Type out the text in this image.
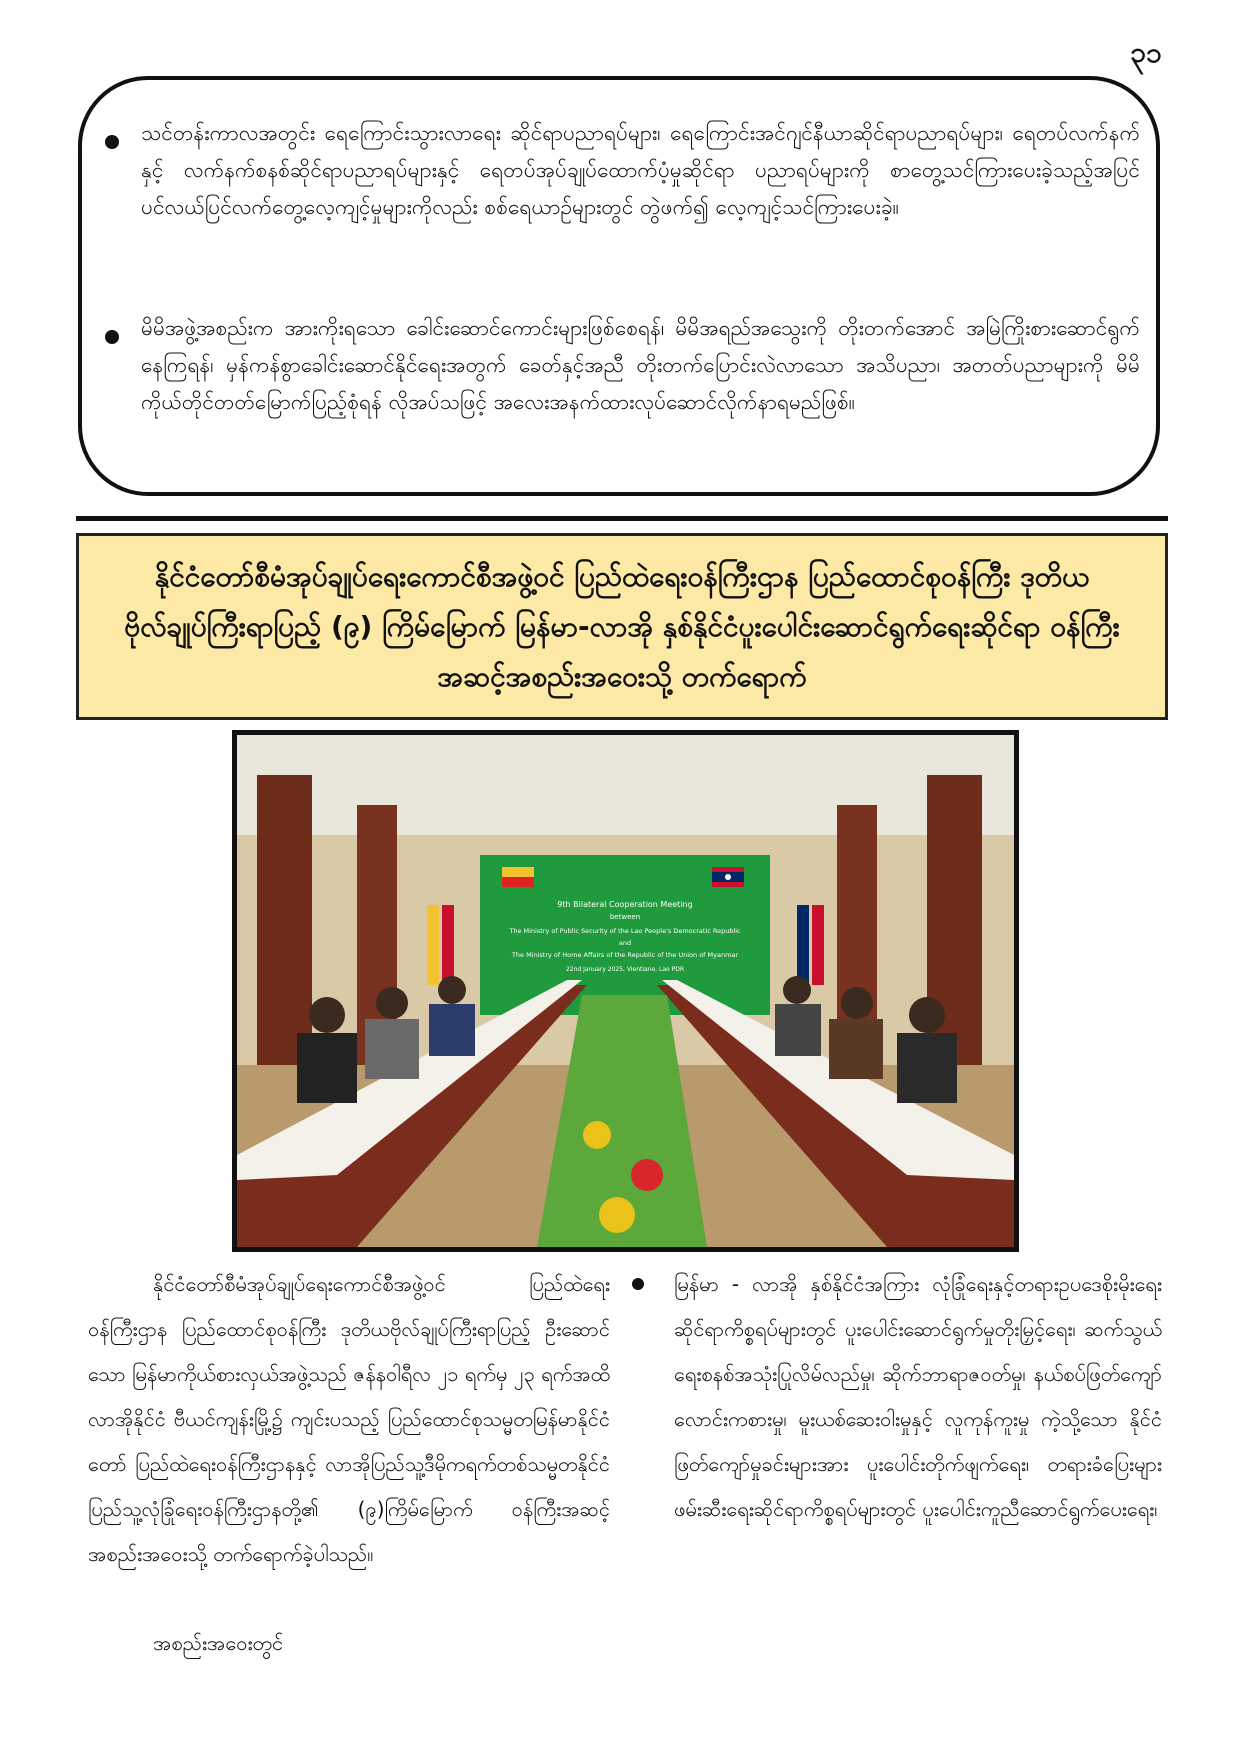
၃၁
သင်တန်းကာလအတွင်း ရေကြောင်းသွားလာရေး ဆိုင်ရာပညာရပ်များ၊ ရေကြောင်းအင်ဂျင်နီယာဆိုင်ရာပညာရပ်များ၊ ရေတပ်လက်နက်နှင့် လက်နက်စနစ်ဆိုင်ရာပညာရပ်များနှင့် ရေတပ်အုပ်ချုပ်ထောက်ပံ့မှုဆိုင်ရာ ပညာရပ်များကို စာတွေ့သင်ကြားပေးခဲ့သည့်အပြင် ပင်လယ်ပြင်လက်တွေ့လေ့ကျင့်မှုများကိုလည်း စစ်ရေယာဉ်များတွင် တွဲဖက်၍ လေ့ကျင့်သင်ကြားပေးခဲ့။
မိမိအဖွဲ့အစည်းက အားကိုးရသော ခေါင်းဆောင်ကောင်းများဖြစ်စေရန်၊ မိမိအရည်အသွေးကို တိုးတက်အောင် အမြဲကြိုးစားဆောင်ရွက်နေကြရန်၊ မှန်ကန်စွာခေါင်းဆောင်နိုင်ရေးအတွက် ခေတ်နှင့်အညီ တိုးတက်ပြောင်းလဲလာသော အသိပညာ၊ အတတ်ပညာများကို မိမိကိုယ်တိုင်တတ်မြောက်ပြည့်စုံရန် လိုအပ်သဖြင့် အလေးအနက်ထားလုပ်ဆောင်လိုက်နာရမည်ဖြစ်။
နိုင်ငံတော်စီမံအုပ်ချုပ်ရေးကောင်စီအဖွဲ့ဝင် ပြည်ထဲရေးဝန်ကြီးဌာန ပြည်ထောင်စုဝန်ကြီး ဒုတိယဗိုလ်ချုပ်ကြီးရာပြည့် (၉) ကြိမ်မြောက် မြန်မာ-လာအို နှစ်နိုင်ငံပူးပေါင်းဆောင်ရွက်ရေးဆိုင်ရာ ဝန်ကြီးအဆင့်အစည်းအဝေးသို့ တက်ရောက်
9th Bilateral Cooperation Meeting
between
The Ministry of Public Security of the Lao People's Democratic Republic
and
The Ministry of Home Affairs of the Republic of the Union of Myanmar
22nd January 2025, Vientiane, Lao PDR
နိုင်ငံတော်စီမံအုပ်ချုပ်ရေးကောင်စီအဖွဲ့ဝင် ပြည်ထဲရေးဝန်ကြီးဌာန ပြည်ထောင်စုဝန်ကြီး ဒုတိယဗိုလ်ချုပ်ကြီးရာပြည့် ဦးဆောင်သော မြန်မာကိုယ်စားလှယ်အဖွဲ့သည် ဇန်နဝါရီလ ၂၁ ရက်မှ ၂၃ ရက်အထိ လာအိုနိုင်ငံ ဗီယင်ကျန်းမြို့၌ ကျင်းပသည့် ပြည်ထောင်စုသမ္မတမြန်မာနိုင်ငံတော် ပြည်ထဲရေးဝန်ကြီးဌာနနှင့် လာအိုပြည်သူ့ဒီမိုကရက်တစ်သမ္မတနိုင်ငံ ပြည်သူ့လုံခြုံရေးဝန်ကြီးဌာနတို့၏ (၉)ကြိမ်မြောက် ဝန်ကြီးအဆင့်အစည်းအဝေးသို့ တက်ရောက်ခဲ့ပါသည်။
အစည်းအဝေးတွင်
မြန်မာ - လာအို နှစ်နိုင်ငံအကြား လုံခြုံရေးနှင့်တရားဥပဒေစိုးမိုးရေးဆိုင်ရာကိစ္စရပ်များတွင် ပူးပေါင်းဆောင်ရွက်မှုတိုးမြှင့်ရေး၊ ဆက်သွယ်ရေးစနစ်အသုံးပြုလိမ်လည်မှု၊ ဆိုက်ဘာရာဇဝတ်မှု၊ နယ်စပ်ဖြတ်ကျော်လောင်းကစားမှု၊ မူးယစ်ဆေးဝါးမှုနှင့် လူကုန်ကူးမှု ကဲ့သို့သော နိုင်ငံဖြတ်ကျော်မှုခင်းများအား ပူးပေါင်းတိုက်ဖျက်ရေး၊ တရားခံပြေးများဖမ်းဆီးရေးဆိုင်ရာကိစ္စရပ်များတွင် ပူးပေါင်းကူညီဆောင်ရွက်ပေးရေး၊
